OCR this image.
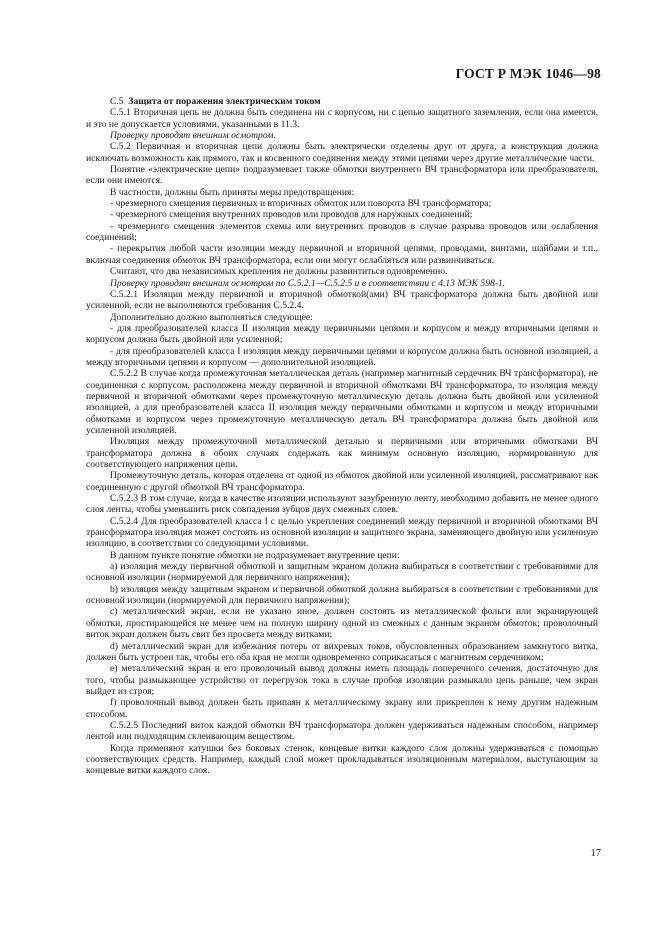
ГОСТ Р МЭК 1046—98

С.5 Защита от поражения электрическим током

С.5.1 Вторичная цепь не должна быть соединена ни с корпусом, ни с цепью защитного заземления, если она имеется, и это не допускается условиями, указанными в 11.3.

Проверку проводят внешним осмотром.

С.5.2 Первичная и вторичная цепи должны быть электрически отделены друг от друга, а конструкция должна исключать возможность как прямого, так и косвенного соединения между этими цепями через другие металлические части.

Понятие «электрические цепи» подразумевает также обмотки внутреннего ВЧ трансформатора или преобразователя, если они имеются.

В частности, должны быть приняты меры предотвращения:

- чрезмерного смещения первичных и вторичных обмоток или поворота ВЧ трансформатора;

- чрезмерного смещения внутренних проводов или проводов для наружных соединений;

- чрезмерного смещения элементов схемы или внутренних проводов в случае разрыва проводов или ослабления соединений;

- перекрытия любой части изоляции между первичной и вторичной цепями, проводами, винтами, шайбами и т.п., включая соединения обмоток ВЧ трансформатора, если они могут ослабляться или развинчиваться.

Считают, что два независимых крепления не должны развинтиться одновременно.

Проверку проводят внешним осмотром по С.5.2.1—С.5.2.5 и в соответствии с 4.13 МЭК 598-1.

С.5.2.1 Изоляция между первичной и вторичной обмоткой(ами) ВЧ трансформатора должна быть двойной или усиленной, если не выполняются требования С.5.2.4.

Дополнительно должно выполняться следующее:

- для преобразователей класса II изоляция между первичными цепями и корпусом и между вторичными цепями и корпусом должна быть двойной или усиленной;

- для преобразователей класса I изоляция между первичными цепями и корпусом должна быть основной изоляцией, а между вторичными цепями и корпусом — дополнительной изоляцией.

С.5.2.2 В случае когда промежуточная металлическая деталь (например магнитный сердечник ВЧ трансформатора), не соединенная с корпусом, расположена между первичной и вторичной обмотками ВЧ трансформатора, то изоляция между первичной и вторичной обмотками через промежуточную металлическую деталь должна быть двойной или усиленной изоляцией, а для преобразователей класса II изоляция между первичными обмотками и корпусом и между вторичными обмотками и корпусом через промежуточную металлическую деталь ВЧ трансформатора должна быть двойной или усиленной изоляцией.

Изоляция между промежуточной металлической деталью и первичными или вторичными обмотками ВЧ трансформатора должна в обоих случаях содержать как минимум основную изоляцию, нормированную для соответствующего напряжения цепи.

Промежуточную деталь, которая отделена от одной из обмоток двойной или усиленной изоляцией, рассматривают как соединенную с другой обмоткой ВЧ трансформатора.

С.5.2.3 В том случае, когда в качестве изоляции используют зазубренную ленту, необходимо добавить не менее одного слоя ленты, чтобы уменьшить риск совпадения зубцов двух смежных слоев.

С.5.2.4 Для преобразователей класса I с целью укрепления соединений между первичной и вторичной обмотками ВЧ трансформатора изоляция может состоять из основной изоляции и защитного экрана, заменяющего двойную или усиленную изоляцию, в соответствии со следующими условиями.

В данном пункте понятие обмотки не подразумевает внутренние цепи:

a) изоляция между первичной обмоткой и защитным экраном должна выбираться в соответствии с требованиями для основной изоляции (нормируемой для первичного напряжения);

b) изоляция между защитным экраном и первичной обмоткой должна выбираться в соответствии с требованиями для основной изоляции (нормируемой для первичного напряжения);

c) металлический экран, если не указано иное, должен состоять из металлической фольги или экранирующей обмотки, простирающейся не менее чем на полную ширину одной из смежных с данным экраном обмоток; проволочный виток экран должен быть свит без просвета между витками;

d) металлический экран для избежания потерь от вихревых токов, обусловленных образованием замкнутого витка, должен быть устроен так, чтобы его оба края не могли одновременно соприкасаться с магнитным сердечником;

e) металлический экран и его проволочный вывод должны иметь площадь поперечного сечения, достаточную для того, чтобы размыкающее устройство от перегрузок тока в случае пробоя изоляции размыкало цепь раньше, чем экран выйдет из строя;

f) проволочный вывод должен быть припаян к металлическому экрану или прикреплен к нему другим надежным способом.

С.5.2.5 Последний виток каждой обмотки ВЧ трансформатора должен удерживаться надежным способом, например лентой или подходящим склеивающим веществом.

Когда применяют катушки без боковых стенок, концевые витки каждого слоя должны удерживаться с помощью соответствующих средств. Например, каждый слой может прокладываться изоляционным материалом, выступающим за концевые витки каждого слоя.

17
